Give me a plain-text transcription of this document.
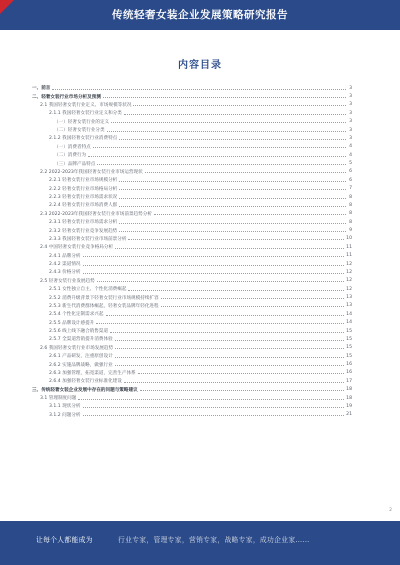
传统轻奢女装企业发展策略研究报告
内容目录
一、前言	3
二、轻奢女装行业市场分析及预测	3
2.1 我国轻奢女装行业定义、市场规模等状况	3
2.1.1 我国轻奢女装行业定义和分类	3
（一）轻奢女装行业的定义	3
（二）轻奢女装行业分类	3
2.1.2 我国轻奢女装行业消费特点	3
（一）消费者特点	4
（二）消费行为	4
（三）品牌产品特点	5
2.2 2022-2023年我国轻奢女装行业市场运营现状	6
2.2.1 轻奢女装行业市场规模分析	6
2.2.2 轻奢女装行业市场格局分析	7
2.2.3 轻奢女装行业市场需求状况	8
2.2.4 轻奢女装行业市场消费人群	8
2.3 2022-2023年我国轻奢女装行业市场前景趋势分析	8
2.3.1 轻奢女装行业市场需求分析	8
2.3.2 轻奢女装行业竞争发展趋势	9
2.3.3 我国轻奢女装行业市场前景分析	10
2.4 中国轻奢女装行业竞争格局分析	11
2.4.1 品牌分析	11
2.4.2 渠道情况	12
2.4.3 价格分析	12
2.5 轻奢女装行业发展趋势	12
2.5.1 女性独立自主、个性化消费崛起	12
2.5.2 消费升级背景下轻奢女装行业市场规模持续扩容	13
2.5.3 新生代消费群体崛起，轻奢女装品牌年轻化进程	13
2.5.4 个性化定制需求兴起	14
2.5.5 品牌设计感提升	14
2.5.6 线上线下融合销售渠道	15
2.5.7 全渠道营销提升消费体验	15
2.6 我国轻奢女装行业市场发展趋势	15
2.6.1 产品研发，注重原创设计	15
2.6.2 实施品牌战略，做强行业	16
2.6.3 加强管理，拓宽渠道，完善生产体系	16
2.6.4 加强轻奢女装行业标准化建设	17
三、传统轻奢女装企业发展中存在的问题与策略建议	18
3.1 管理制度问题	18
3.1.1 现状分析	19
3.1.2 问题分析	21
2
让每个人都能成为	行业专家，管理专家，营销专家，战略专家，成功企业家……
